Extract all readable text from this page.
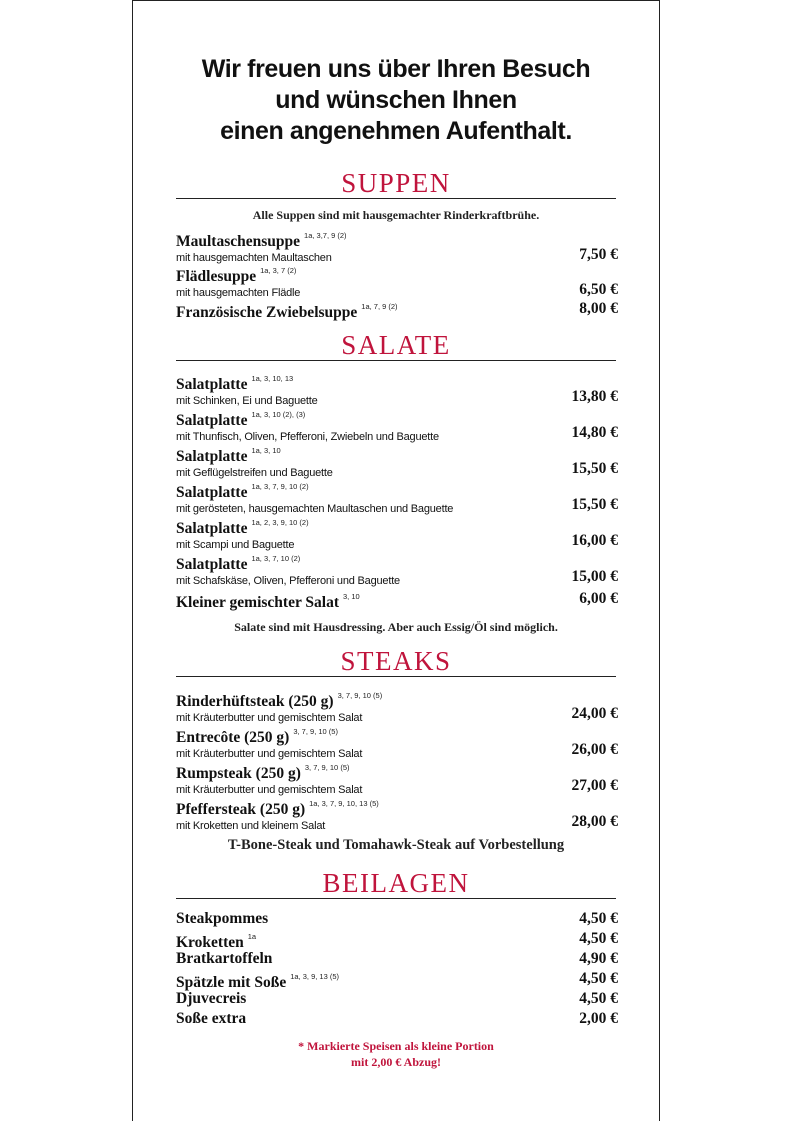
Wir freuen uns über Ihren Besuch
und wünschen Ihnen
einen angenehmen Aufenthalt.
SUPPEN
Alle Suppen sind mit hausgemachter Rinderkraftbrühe.
Maultaschensuppe $^{1a, 3,7, 9 (2)}$
mit hausgemachten Maultaschen	7,50 €
Flädlesuppe $^{1a, 3, 7 (2)}$
mit hausgemachten Flädle	6,50 €
Französische Zwiebelsuppe $^{1a, 7, 9 (2)}$	8,00 €
SALATE
Salatplatte $^{1a, 3, 10, 13}$
mit Schinken, Ei und Baguette	13,80 €
Salatplatte $^{1a, 3, 10 (2), (3)}$
mit Thunfisch, Oliven, Pfefferoni, Zwiebeln und Baguette	14,80 €
Salatplatte $^{1a, 3, 10}$
mit Geflügelstreifen und Baguette	15,50 €
Salatplatte $^{1a, 3, 7, 9, 10 (2)}$
mit gerösteten, hausgemachten Maultaschen und Baguette	15,50 €
Salatplatte $^{1a, 2, 3, 9, 10 (2)}$
mit Scampi und Baguette	16,00 €
Salatplatte $^{1a, 3, 7, 10 (2)}$
mit Schafskäse, Oliven, Pfefferoni und Baguette	15,00 €
Kleiner gemischter Salat $^{3, 10}$	6,00 €
Salate sind mit Hausdressing. Aber auch Essig/Öl sind möglich.
STEAKS
Rinderhüftsteak (250 g) $^{3, 7, 9, 10 (5)}$
mit Kräuterbutter und gemischtem Salat	24,00 €
Entrecôte (250 g) $^{3, 7, 9, 10 (5)}$
mit Kräuterbutter und gemischtem Salat	26,00 €
Rumpsteak (250 g) $^{3, 7, 9, 10 (5)}$
mit Kräuterbutter und gemischtem Salat	27,00 €
Pfeffersteak (250 g) $^{1a, 3, 7, 9, 10, 13 (5)}$
mit Kroketten und kleinem Salat	28,00 €
T-Bone-Steak und Tomahawk-Steak auf Vorbestellung
BEILAGEN
Steakpommes	4,50 €
Kroketten $^{1a}$	4,50 €
Bratkartoffeln	4,90 €
Spätzle mit Soße $^{1a, 3, 9, 13 (5)}$	4,50 €
Djuvecreis	4,50 €
Soße extra	2,00 €
* Markierte Speisen als kleine Portion
mit 2,00 € Abzug!
